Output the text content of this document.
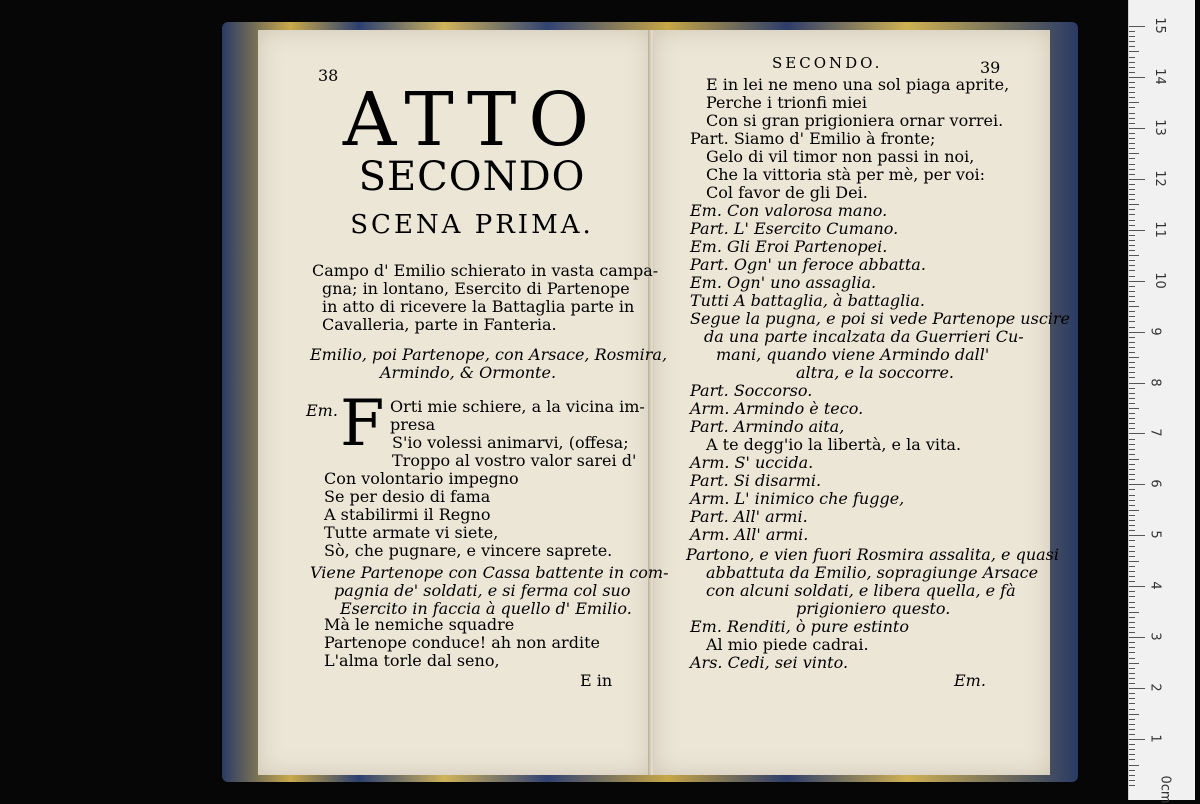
38
ATTO
SECONDO
SCENA PRIMA.
Campo d' Emilio schierato in vasta campa-
gna; in lontano, Esercito di Partenope
in atto di ricevere la Battaglia parte in
Cavalleria, parte in Fanteria.
Emilio, poi Partenope, con Arsace, Rosmira,
Armindo, & Ormonte.
Em. F Orti mie schiere, a la vicina im-
presa
S'io volessi animarvi, (offesa;
Troppo al vostro valor sarei d'
Con volontario impegno
Se per desio di fama
A stabilirmi il Regno
Tutte armate vi siete,
Sò, che pugnare, e vincere saprete.
Viene Partenope con Cassa battente in com-
pagnia de' soldati, e si ferma col suo
Esercito in faccia à quello d' Emilio.
Mà le nemiche squadre
Partenope conduce! ah non ardite
L'alma torle dal seno,
E in
SECONDO.	39
E in lei ne meno una sol piaga aprite,
Perche i trionfi miei
Con si gran prigioniera ornar vorrei.
Part. Siamo d' Emilio à fronte;
Gelo di vil timor non passi in noi,
Che la vittoria stà per mè, per voi:
Col favor de gli Dei.
Em. Con valorosa mano.
Part. L' Esercito Cumano.
Em. Gli Eroi Partenopei.
Part. Ogn' un feroce abbatta.
Em. Ogn' uno assaglia.
Tutti A battaglia, à battaglia.
Segue la pugna, e poi si vede Partenope uscire
da una parte incalzata da Guerrieri Cu-
mani, quando viene Armindo dall'
altra, e la soccorre.
Part. Soccorso.
Arm. Armindo è teco.
Part. Armindo aita,
A te degg'io la libertà, e la vita.
Arm. S' uccida.
Part. Si disarmi.
Arm. L' inimico che fugge,
Part. All' armi.
Arm. All' armi.
Partono, e vien fuori Rosmira assalita, e quasi
abbattuta da Emilio, sopragiunge Arsace
con alcuni soldati, e libera quella, e fà
prigioniero questo.
Em. Renditi, ò pure estinto
Al mio piede cadrai.
Ars. Cedi, sei vinto.
Em.
15
14
13
12
11
10
9
8
7
6
5
4
3
2
1
0cm
